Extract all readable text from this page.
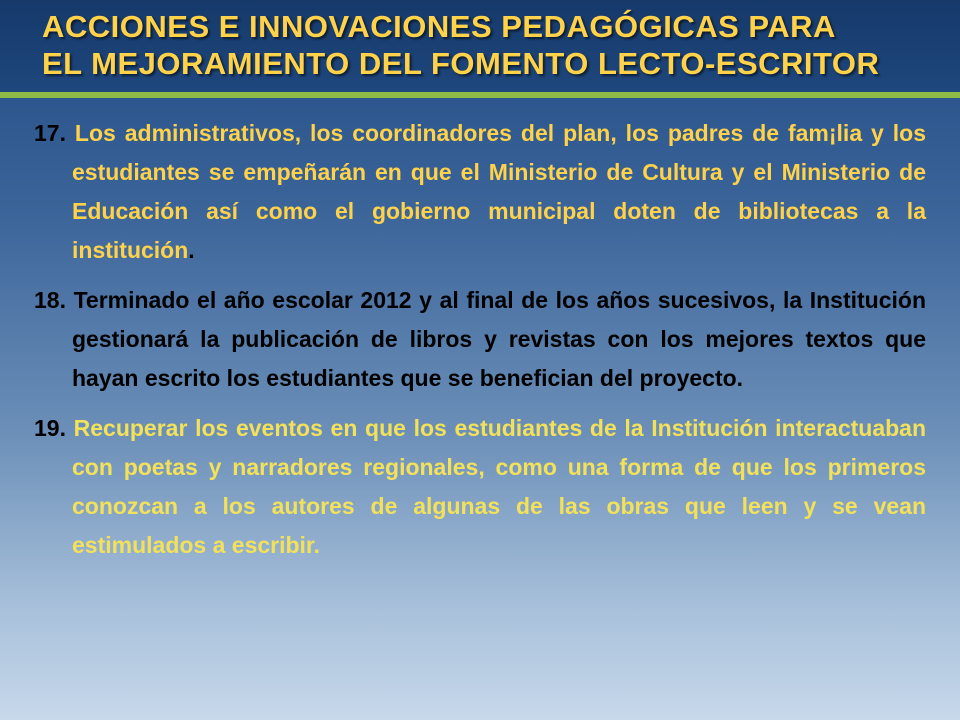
ACCIONES E INNOVACIONES PEDAGÓGICAS PARA
EL MEJORAMIENTO DEL FOMENTO LECTO-ESCRITOR
17. Los administrativos, los coordinadores del plan, los padres de fam¡lia y los estudiantes se empeñarán en que el Ministerio de Cultura y el Ministerio de Educación así como el gobierno municipal doten de bibliotecas a la institución.
18. Terminado el año escolar 2012 y al final de los años sucesivos, la Institución gestionará la publicación de libros y revistas con los mejores textos que hayan escrito los estudiantes que se benefician del proyecto.
19. Recuperar los eventos en que los estudiantes de la Institución interactuaban con poetas y narradores regionales, como una forma de que los primeros conozcan a los autores de algunas de las obras que leen y se vean estimulados a escribir.
